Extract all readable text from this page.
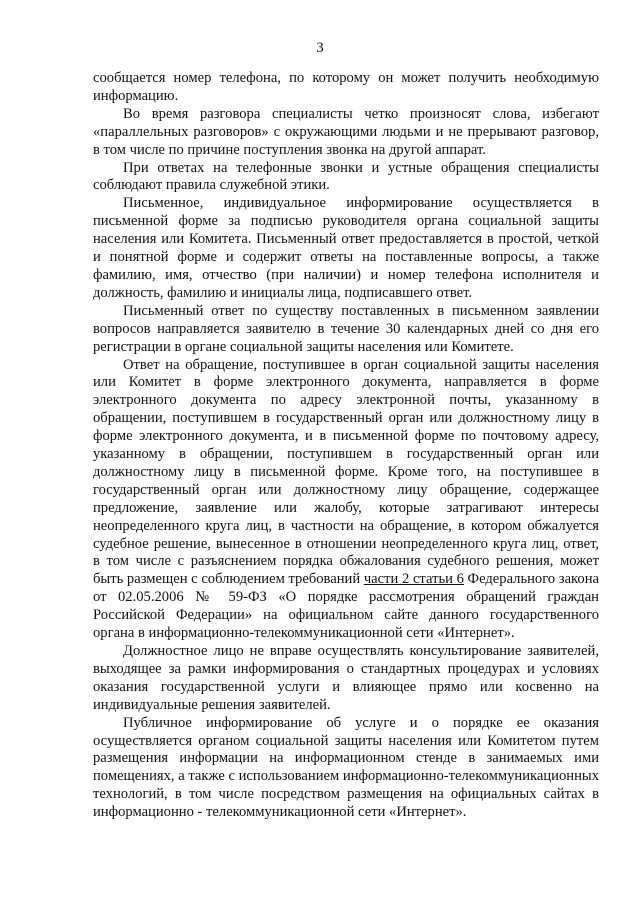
3

сообщается номер телефона, по которому он может получить необходимую информацию.

Во время разговора специалисты четко произносят слова, избегают «параллельных разговоров» с окружающими людьми и не прерывают разговор, в том числе по причине поступления звонка на другой аппарат.

При ответах на телефонные звонки и устные обращения специалисты соблюдают правила служебной этики.

Письменное, индивидуальное информирование осуществляется в письменной форме за подписью руководителя органа социальной защиты населения или Комитета. Письменный ответ предоставляется в простой, четкой и понятной форме и содержит ответы на поставленные вопросы, а также фамилию, имя, отчество (при наличии) и номер телефона исполнителя и должность, фамилию и инициалы лица, подписавшего ответ.

Письменный ответ по существу поставленных в письменном заявлении вопросов направляется заявителю в течение 30 календарных дней со дня его регистрации в органе социальной защиты населения или Комитете.

Ответ на обращение, поступившее в орган социальной защиты населения или Комитет в форме электронного документа, направляется в форме электронного документа по адресу электронной почты, указанному в обращении, поступившем в государственный орган или должностному лицу в форме электронного документа, и в письменной форме по почтовому адресу, указанному в обращении, поступившем в государственный орган или должностному лицу в письменной форме. Кроме того, на поступившее в государственный орган или должностному лицу обращение, содержащее предложение, заявление или жалобу, которые затрагивают интересы неопределенного круга лиц, в частности на обращение, в котором обжалуется судебное решение, вынесенное в отношении неопределенного круга лиц, ответ, в том числе с разъяснением порядка обжалования судебного решения, может быть размещен с соблюдением требований части 2 статьи 6 Федерального закона от 02.05.2006 № 59-ФЗ «О порядке рассмотрения обращений граждан Российской Федерации» на официальном сайте данного государственного органа в информационно-телекоммуникационной сети «Интернет».

Должностное лицо не вправе осуществлять консультирование заявителей, выходящее за рамки информирования о стандартных процедурах и условиях оказания государственной услуги и влияющее прямо или косвенно на индивидуальные решения заявителей.

Публичное информирование об услуге и о порядке ее оказания осуществляется органом социальной защиты населения или Комитетом путем размещения информации на информационном стенде в занимаемых ими помещениях, а также с использованием информационно-телекоммуникационных технологий, в том числе посредством размещения на официальных сайтах в информационно - телекоммуникационной сети «Интернет».
